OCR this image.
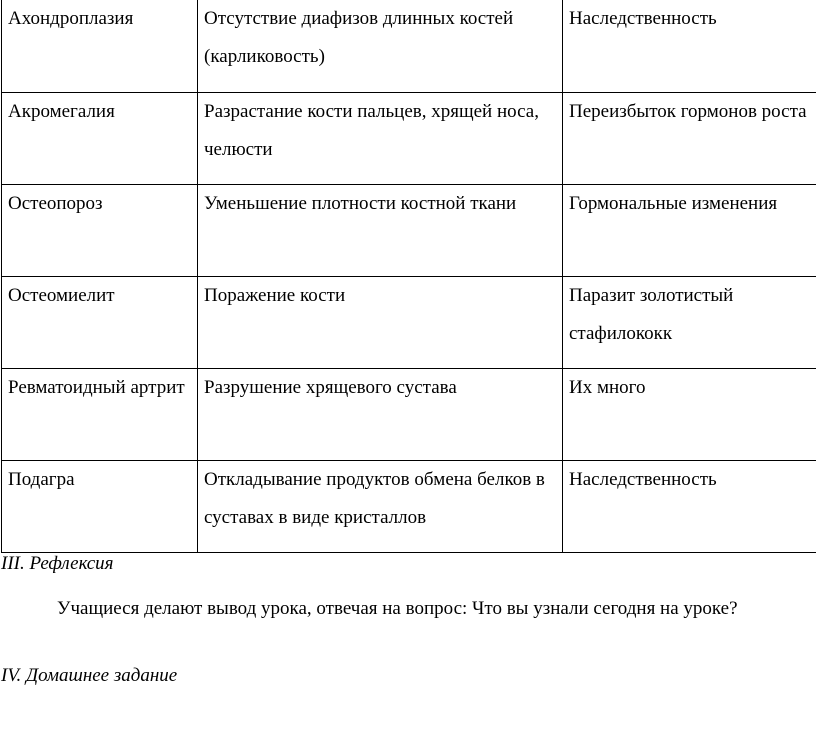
Ахондроплазия	Отсутствие диафизов длинных костей (карликовость)	Наследственность
Акромегалия	Разрастание кости пальцев, хрящей носа, челюсти	Переизбыток гормонов роста

Остеопороз	Уменьшение плотности костной ткани	Гормональные изменения
Остеомиелит	Поражение кости	Паразит золотистый стафилококк

Ревматоидный артрит	Разрушение хрящевого сустава	Их много
Подагра	Откладывание продуктов обмена белков в суставах в виде кристаллов	Наследственность

III. Рефлексия

Учащиеся делают вывод урока, отвечая на вопрос: Что вы узнали сегодня на уроке?

IV. Домашнее задание
